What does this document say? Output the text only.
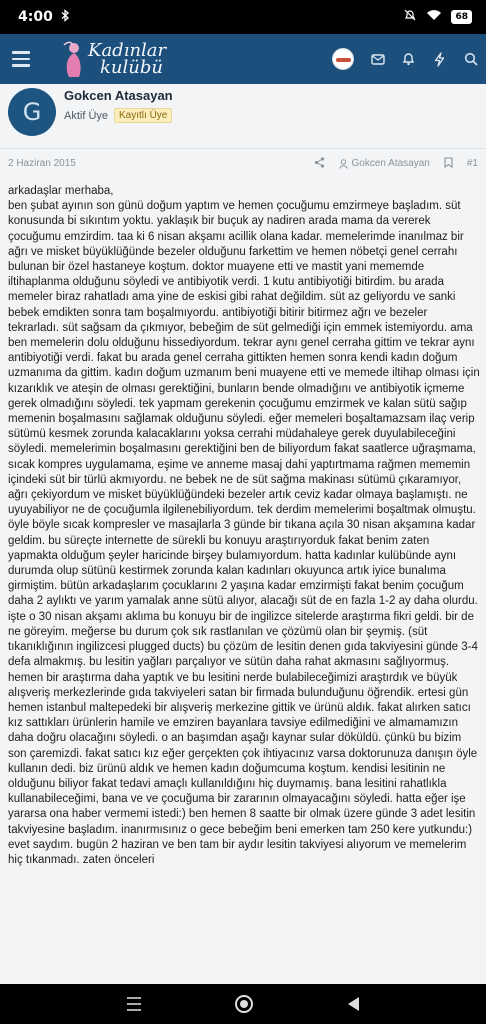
4:00	68
Kadınlar
kulübü
G
Gokcen Atasayan
Aktif Üye	Kayıtlı Üye
2 Haziran 2015	Gokcen Atasayan	#1

arkadaşlar merhaba,
ben şubat ayının son günü doğum yaptım ve hemen çocuğumu emzirmeye başladım. süt konusunda bi sıkıntım yoktu. yaklaşık bir buçuk ay nadiren arada mama da vererek çocuğumu emzirdim. taa ki 6 nisan akşamı acillik olana kadar. memelerimde inanılmaz bir ağrı ve misket büyüklüğünde bezeler olduğunu farkettim ve hemen nöbetçi genel cerrahı bulunan bir özel hastaneye koştum. doktor muayene etti ve mastit yani mememde iltihaplanma olduğunu söyledi ve antibiyotik verdi. 1 kutu antibiyotiği bitirdim. bu arada memeler biraz rahatladı ama yine de eskisi gibi rahat değildim. süt az geliyordu ve sanki bebek emdikten sonra tam boşalmıyordu. antibiyotiği bitirir bitirmez ağrı ve bezeler tekrarladı. süt sağsam da çıkmıyor, bebeğim de süt gelmediği için emmek istemiyordu. ama ben memelerin dolu olduğunu hissediyordum. tekrar aynı genel cerraha gittim ve tekrar aynı antibiyotiği verdi. fakat bu arada genel cerraha gittikten hemen sonra kendi kadın doğum uzmanıma da gittim. kadın doğum uzmanım beni muayene etti ve memede iltihap olması için kızarıklık ve ateşin de olması gerektiğini, bunların bende olmadığını ve antibiyotik içmeme gerek olmadığını söyledi. tek yapmam gerekenin çocuğumu emzirmek ve kalan sütü sağıp memenin boşalmasını sağlamak olduğunu söyledi. eğer memeleri boşaltamazsam ilaç verip sütümü kesmek zorunda kalacaklarını yoksa cerrahi müdahaleye gerek duyulabileceğini söyledi. memelerimin boşalmasını gerektiğini ben de biliyordum fakat saatlerce uğraşmama, sıcak kompres uygulamama, eşime ve anneme masaj dahi yaptırtmama rağmen mememin içindeki süt bir türlü akmıyordu. ne bebek ne de süt sağma makinası sütümü çıkaramıyor, ağrı çekiyordum ve misket büyüklüğündeki bezeler artık ceviz kadar olmaya başlamıştı. ne uyuyabiliyor ne de çocuğumla ilgilenebiliyordum. tek derdim memelerimi boşaltmak olmuştu. öyle böyle sıcak kompresler ve masajlarla 3 günde bir tıkana açıla 30 nisan akşamına kadar geldim. bu süreçte internette de sürekli bu konuyu araştırıyorduk fakat benim zaten yapmakta olduğum şeyler haricinde birşey bulamıyordum. hatta kadınlar kulübünde aynı durumda olup sütünü kestirmek zorunda kalan kadınları okuyunca artık iyice bunalıma girmiştim. bütün arkadaşlarım çocuklarını 2 yaşına kadar emzirmişti fakat benim çocuğum daha 2 aylıktı ve yarım yamalak anne sütü alıyor, alacağı süt de en fazla 1-2 ay daha olurdu. işte o 30 nisan akşamı aklıma bu konuyu bir de ingilizce sitelerde araştırma fikri geldi. bir de ne göreyim. meğerse bu durum çok sık rastlanılan ve çözümü olan bir şeymiş. (süt tıkanıklığının ingilizcesi plugged ducts) bu çözüm de lesitin denen gıda takviyesini günde 3-4 defa almakmış. bu lesitin yağları parçalıyor ve sütün daha rahat akmasını sağlıyormuş. hemen bir araştırma daha yaptık ve bu lesitini nerde bulabileceğimizi araştırdık ve büyük alışveriş merkezlerinde gıda takviyeleri satan bir firmada bulunduğunu öğrendik. ertesi gün hemen istanbul maltepedeki bir alışveriş merkezine gittik ve ürünü aldık. fakat alırken satıcı kız sattıkları ürünlerin hamile ve emziren bayanlara tavsiye edilmediğini ve almamamızın daha doğru olacağını söyledi. o an başımdan aşağı kaynar sular döküldü. çünkü bu bizim son çaremizdi. fakat satıcı kız eğer gerçekten çok ihtiyacınız varsa doktorunuza danışın öyle kullanın dedi. biz ürünü aldık ve hemen kadın doğumcuma koştum. kendisi lesitinin ne olduğunu biliyor fakat tedavi amaçlı kullanıldığını hiç duymamış. bana lesitini rahatlıkla kullanabileceğimi, bana ve ve çocuğuma bir zararının olmayacağını söyledi. hatta eğer işe yararsa ona haber vermemi istedi:) ben hemen 8 saatte bir olmak üzere günde 3 adet lesitin takviyesine başladım. inanırmısınız o gece bebeğim beni emerken tam 250 kere yutkundu:) evet saydım. bugün 2 haziran ve ben tam bir aydır lesitin takviyesi alıyorum ve memelerim hiç tıkanmadı. zaten önceleri
